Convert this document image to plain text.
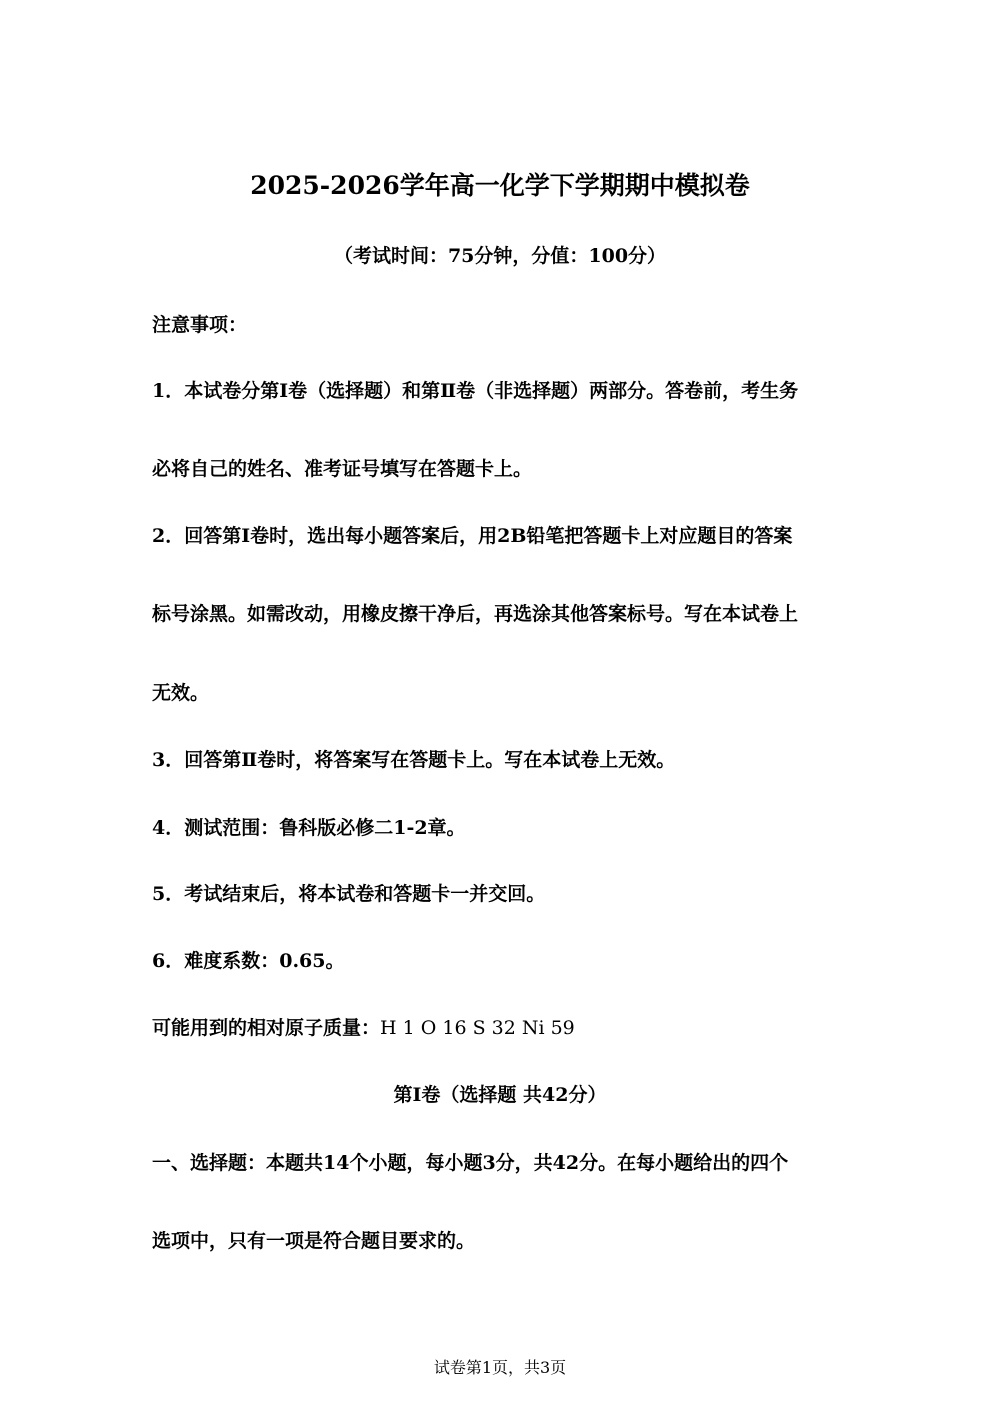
2025-2026学年高一化学下学期期中模拟卷
（考试时间：75分钟，分值：100分）
注意事项：
1．本试卷分第Ⅰ卷（选择题）和第Ⅱ卷（非选择题）两部分。答卷前，考生务
必将自己的姓名、准考证号填写在答题卡上。
2．回答第Ⅰ卷时，选出每小题答案后，用2B铅笔把答题卡上对应题目的答案
标号涂黑。如需改动，用橡皮擦干净后，再选涂其他答案标号。写在本试卷上
无效。
3．回答第Ⅱ卷时，将答案写在答题卡上。写在本试卷上无效。
4．测试范围：鲁科版必修二1-2章。
5．考试结束后，将本试卷和答题卡一并交回。
6．难度系数：0.65。
可能用到的相对原子质量：H 1 O 16 S 32 Ni 59
第Ⅰ卷（选择题 共42分）
一、选择题：本题共14个小题，每小题3分，共42分。在每小题给出的四个
选项中，只有一项是符合题目要求的。
试卷第1页，共3页
